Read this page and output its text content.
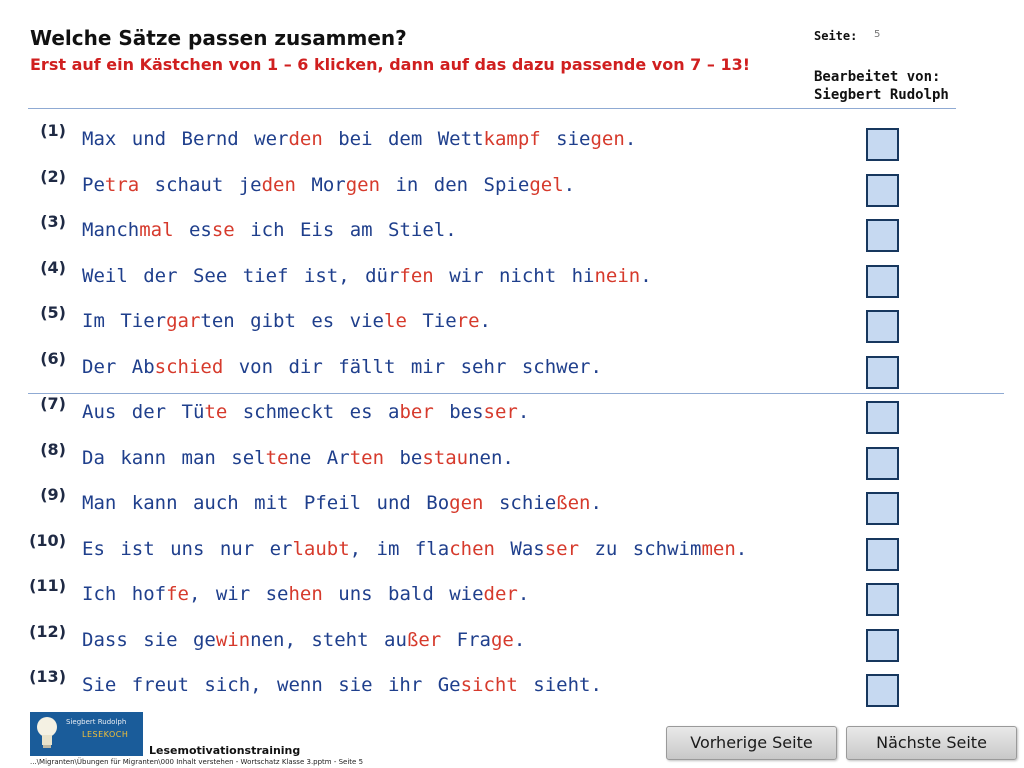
Welche Sätze passen zusammen?
Erst auf ein Kästchen von 1 – 6 klicken, dann auf das dazu passende von 7 – 13!
Seite: 5
Bearbeitet von:
Siegbert Rudolph
(1) Max und Bernd werden bei dem Wettkampf siegen.
(2) Petra schaut jeden Morgen in den Spiegel.
(3) Manchmal esse ich Eis am Stiel.
(4) Weil der See tief ist, dürfen wir nicht hinein.
(5) Im Tiergarten gibt es viele Tiere.
(6) Der Abschied von dir fällt mir sehr schwer.
(7) Aus der Tüte schmeckt es aber besser.
(8) Da kann man seltene Arten bestaunen.
(9) Man kann auch mit Pfeil und Bogen schießen.
(10) Es ist uns nur erlaubt, im flachen Wasser zu schwimmen.
(11) Ich hoffe, wir sehen uns bald wieder.
(12) Dass sie gewinnen, steht außer Frage.
(13) Sie freut sich, wenn sie ihr Gesicht sieht.
Siegbert Rudolph
LESEKOCH
Lesemotivationstraining
...\Migranten\Übungen für Migranten\000 Inhalt verstehen - Wortschatz Klasse 3.pptm - Seite 5
Vorherige Seite	Nächste Seite
